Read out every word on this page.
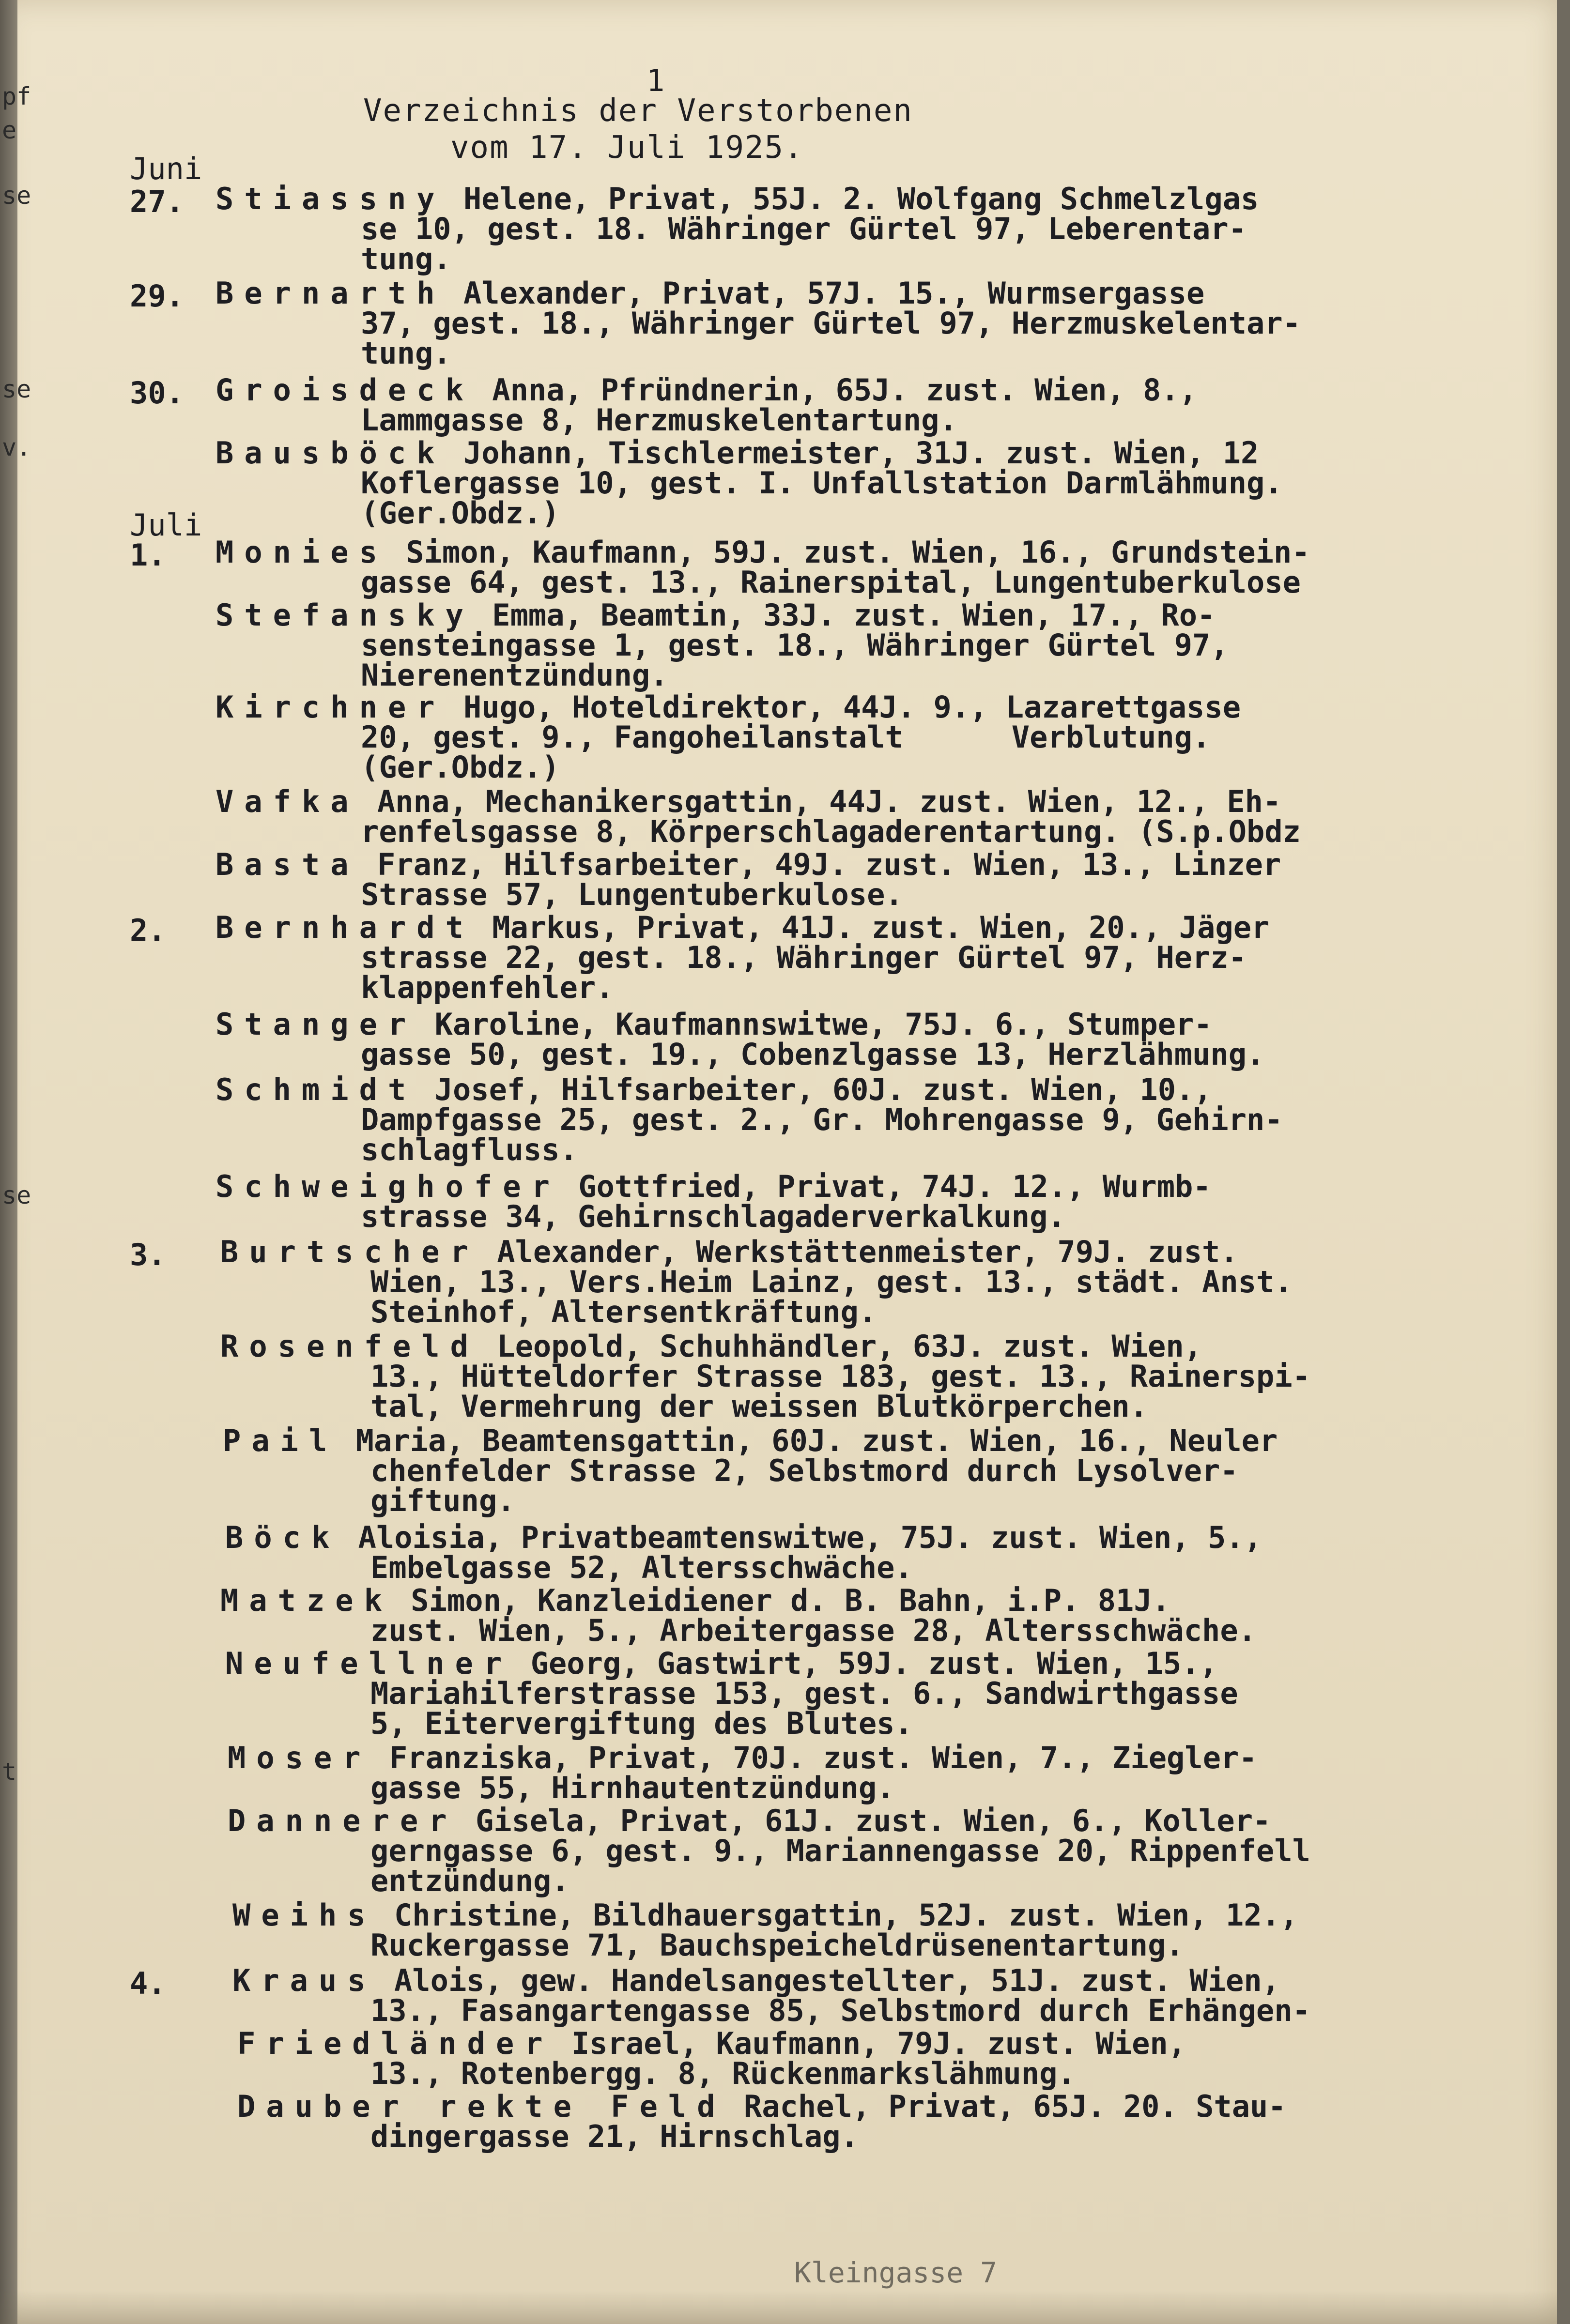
pf
e
se
se
v.
se
t
1
Verzeichnis der Verstorbenen
vom 17. Juli 1925.
Juni
Juli
27. Stiassny Helene, Privat, 55J. 2. Wolfgang Schmelzlgas
se 10, gest. 18. Währinger Gürtel 97, Leberentar-
tung.
29. Bernarth Alexander, Privat, 57J. 15., Wurmsergasse
37, gest. 18., Währinger Gürtel 97, Herzmuskelentar-
tung.
30. Groisdeck Anna, Pfründnerin, 65J. zust. Wien, 8.,
Lammgasse 8, Herzmuskelentartung.
Bausböck Johann, Tischlermeister, 31J. zust. Wien, 12
Koflergasse 10, gest. I. Unfallstation Darmlähmung.
(Ger.Obdz.)
1. Monies Simon, Kaufmann, 59J. zust. Wien, 16., Grundstein-
gasse 64, gest. 13., Rainerspital, Lungentuberkulose
Stefansky Emma, Beamtin, 33J. zust. Wien, 17., Ro-
sensteingasse 1, gest. 18., Währinger Gürtel 97,
Nierenentzündung.
Kirchner Hugo, Hoteldirektor, 44J. 9., Lazarettgasse
20, gest. 9., Fangoheilanstalt      Verblutung.
(Ger.Obdz.)
Vafka Anna, Mechanikersgattin, 44J. zust. Wien, 12., Eh-
renfelsgasse 8, Körperschlagaderentartung. (S.p.Obdz
Basta Franz, Hilfsarbeiter, 49J. zust. Wien, 13., Linzer
Strasse 57, Lungentuberkulose.
2. Bernhardt Markus, Privat, 41J. zust. Wien, 20., Jäger
strasse 22, gest. 18., Währinger Gürtel 97, Herz-
klappenfehler.
Stanger Karoline, Kaufmannswitwe, 75J. 6., Stumper-
gasse 50, gest. 19., Cobenzlgasse 13, Herzlähmung.
Schmidt Josef, Hilfsarbeiter, 60J. zust. Wien, 10.,
Dampfgasse 25, gest. 2., Gr. Mohrengasse 9, Gehirn-
schlagfluss.
Schweighofer Gottfried, Privat, 74J. 12., Wurmb-
strasse 34, Gehirnschlagaderverkalkung.
3. Burtscher Alexander, Werkstättenmeister, 79J. zust.
Wien, 13., Vers.Heim Lainz, gest. 13., städt. Anst.
Steinhof, Altersentkräftung.
Rosenfeld Leopold, Schuhhändler, 63J. zust. Wien,
13., Hütteldorfer Strasse 183, gest. 13., Rainerspi-
tal, Vermehrung der weissen Blutkörperchen.
Pail Maria, Beamtensgattin, 60J. zust. Wien, 16., Neuler
chenfelder Strasse 2, Selbstmord durch Lysolver-
giftung.
Böck Aloisia, Privatbeamtenswitwe, 75J. zust. Wien, 5.,
Embelgasse 52, Altersschwäche.
Matzek Simon, Kanzleidiener d. B. Bahn, i.P. 81J.
zust. Wien, 5., Arbeitergasse 28, Altersschwäche.
Neufellner Georg, Gastwirt, 59J. zust. Wien, 15.,
Mariahilferstrasse 153, gest. 6., Sandwirthgasse
5, Eitervergiftung des Blutes.
Moser Franziska, Privat, 70J. zust. Wien, 7., Ziegler-
gasse 55, Hirnhautentzündung.
Dannerer Gisela, Privat, 61J. zust. Wien, 6., Koller-
gerngasse 6, gest. 9., Mariannengasse 20, Rippenfell
entzündung.
Weihs Christine, Bildhauersgattin, 52J. zust. Wien, 12.,
Ruckergasse 71, Bauchspeicheldrüsenentartung.
4. Kraus Alois, gew. Handelsangestellter, 51J. zust. Wien,
13., Fasangartengasse 85, Selbstmord durch Erhängen-
Friedländer Israel, Kaufmann, 79J. zust. Wien,
13., Rotenbergg. 8, Rückenmarkslähmung.
Dauber rekte Feld Rachel, Privat, 65J. 20. Stau-
dingergasse 21, Hirnschlag.
Kleingasse 7
